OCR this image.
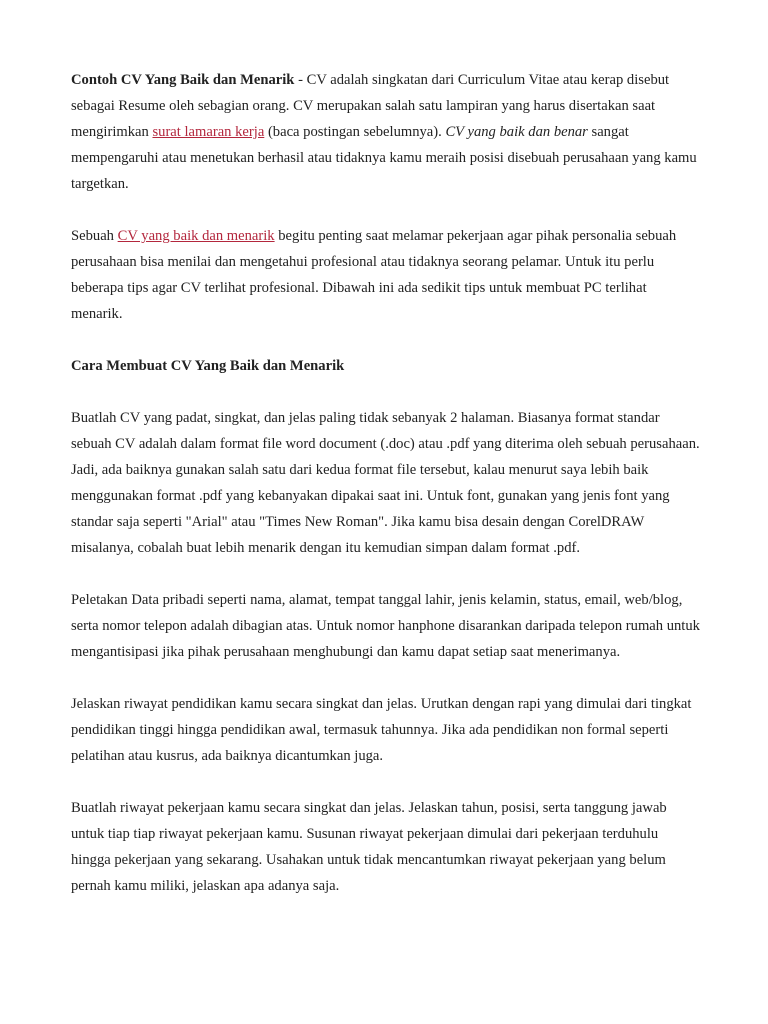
Contoh CV Yang Baik dan Menarik - CV adalah singkatan dari Curriculum Vitae atau kerap disebut sebagai Resume oleh sebagian orang. CV merupakan salah satu lampiran yang harus disertakan saat mengirimkan surat lamaran kerja (baca postingan sebelumnya). CV yang baik dan benar sangat mempengaruhi atau menetukan berhasil atau tidaknya kamu meraih posisi disebuah perusahaan yang kamu targetkan.

Sebuah CV yang baik dan menarik begitu penting saat melamar pekerjaan agar pihak personalia sebuah perusahaan bisa menilai dan mengetahui profesional atau tidaknya seorang pelamar. Untuk itu perlu beberapa tips agar CV terlihat profesional. Dibawah ini ada sedikit tips untuk membuat PC terlihat menarik.

Cara Membuat CV Yang Baik dan Menarik

Buatlah CV yang padat, singkat, dan jelas paling tidak sebanyak 2 halaman. Biasanya format standar sebuah CV adalah dalam format file word document (.doc) atau .pdf yang diterima oleh sebuah perusahaan. Jadi, ada baiknya gunakan salah satu dari kedua format file tersebut, kalau menurut saya lebih baik menggunakan format .pdf yang kebanyakan dipakai saat ini. Untuk font, gunakan yang jenis font yang standar saja seperti "Arial" atau "Times New Roman". Jika kamu bisa desain dengan CorelDRAW misalanya, cobalah buat lebih menarik dengan itu kemudian simpan dalam format .pdf.

Peletakan Data pribadi seperti nama, alamat, tempat tanggal lahir, jenis kelamin, status, email, web/blog, serta nomor telepon adalah dibagian atas. Untuk nomor hanphone disarankan daripada telepon rumah untuk mengantisipasi jika pihak perusahaan menghubungi dan kamu dapat setiap saat menerimanya.

Jelaskan riwayat pendidikan kamu secara singkat dan jelas. Urutkan dengan rapi yang dimulai dari tingkat pendidikan tinggi hingga pendidikan awal, termasuk tahunnya. Jika ada pendidikan non formal seperti pelatihan atau kusrus, ada baiknya dicantumkan juga.

Buatlah riwayat pekerjaan kamu secara singkat dan jelas. Jelaskan tahun, posisi, serta tanggung jawab untuk tiap tiap riwayat pekerjaan kamu. Susunan riwayat pekerjaan dimulai dari pekerjaan terduhulu hingga pekerjaan yang sekarang. Usahakan untuk tidak mencantumkan riwayat pekerjaan yang belum pernah kamu miliki, jelaskan apa adanya saja.
